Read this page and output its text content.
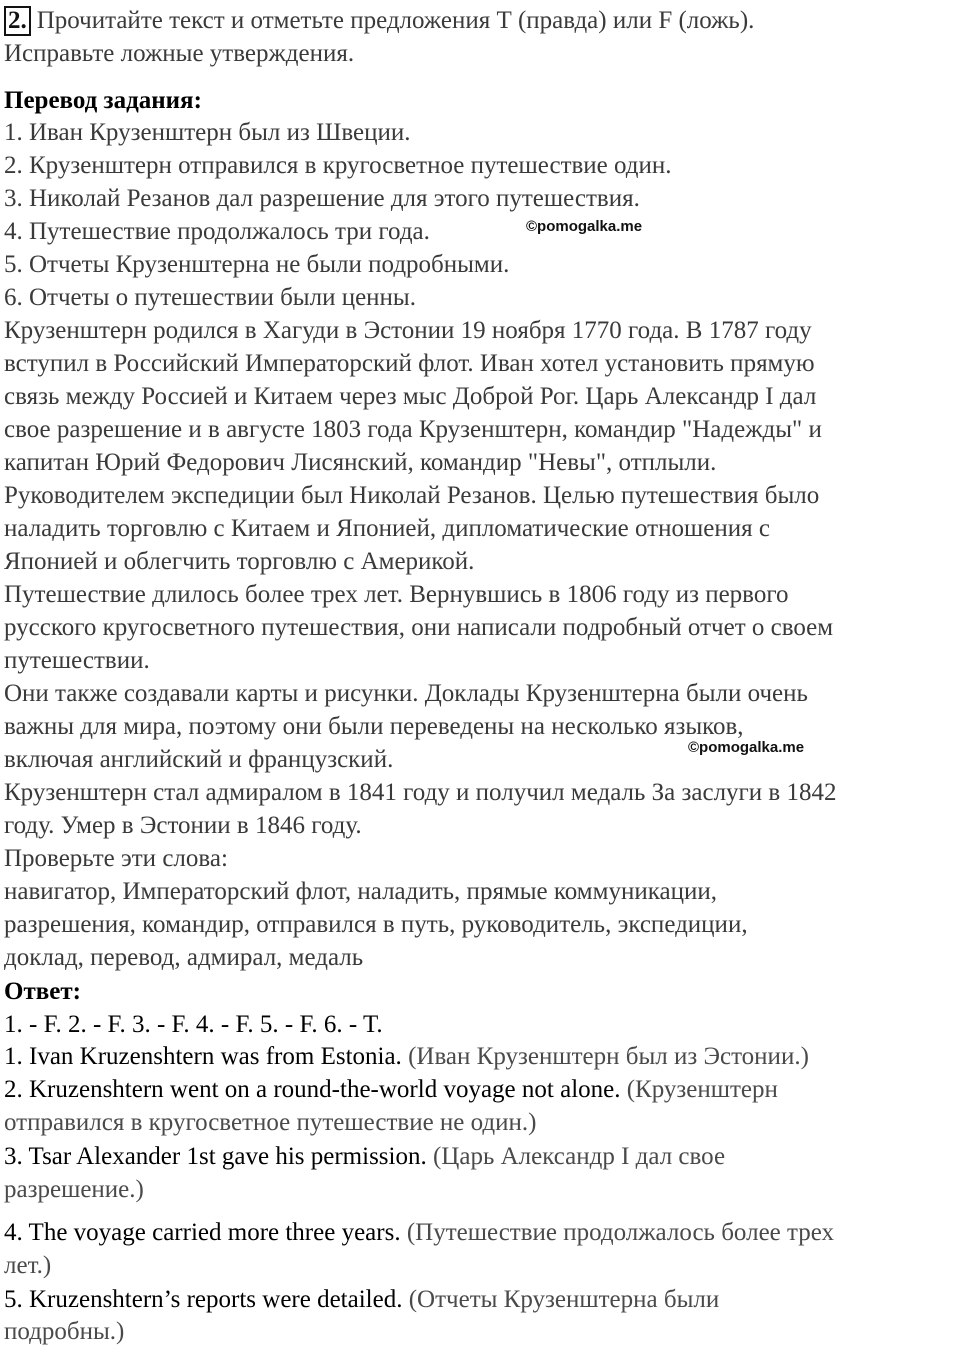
2. Прочитайте текст и отметьте предложения Т (правда) или F (ложь).

Исправьте ложные утверждения.

Перевод задания:

1. Иван Крузенштерн был из Швеции.

2. Крузенштерн отправился в кругосветное путешествие один.

3. Николай Резанов дал разрешение для этого путешествия.

4. Путешествие продолжалось три года.

5. Отчеты Крузенштерна не были подробными.

6. Отчеты о путешествии были ценны.

©pomogalka.me

Крузенштерн родился в Хагуди в Эстонии 19 ноября 1770 года. В 1787 году

вступил в Российский Императорский флот. Иван хотел установить прямую

связь между Россией и Китаем через мыс Доброй Рог. Царь Александр I дал

свое разрешение и в августе 1803 года Крузенштерн, командир "Надежды" и

капитан Юрий Федорович Лисянский, командир "Невы", отплыли.

Руководителем экспедиции был Николай Резанов. Целью путешествия было

наладить торговлю с Китаем и Японией, дипломатические отношения с

Японией и облегчить торговлю с Америкой.

Путешествие длилось более трех лет. Вернувшись в 1806 году из первого

русского кругосветного путешествия, они написали подробный отчет о своем

путешествии.

Они также создавали карты и рисунки. Доклады Крузенштерна были очень

важны для мира, поэтому они были переведены на несколько языков,

включая английский и французский.

Крузенштерн стал адмиралом в 1841 году и получил медаль За заслуги в 1842

году. Умер в Эстонии в 1846 году.

©pomogalka.me

Проверьте эти слова:

навигатор, Императорский флот, наладить, прямые коммуникации,

разрешения, командир, отправился в путь, руководитель, экспедиции,

доклад, перевод, адмирал, медаль

Ответ:

1. - F. 2. - F. 3. - F. 4. - F. 5. - F. 6. - T.

1. Ivan Kruzenshtern was from Estonia. (Иван Крузенштерн был из Эстонии.)

2. Kruzenshtern went on a round-the-world voyage not alone. (Крузенштерн

отправился в кругосветное путешествие не один.)

3. Tsar Alexander 1st gave his permission. (Царь Александр I дал свое

разрешение.)

4. The voyage carried more three years. (Путешествие продолжалось более трех

лет.)

5. Kruzenshtern’s reports were detailed. (Отчеты Крузенштерна были

подробны.)
